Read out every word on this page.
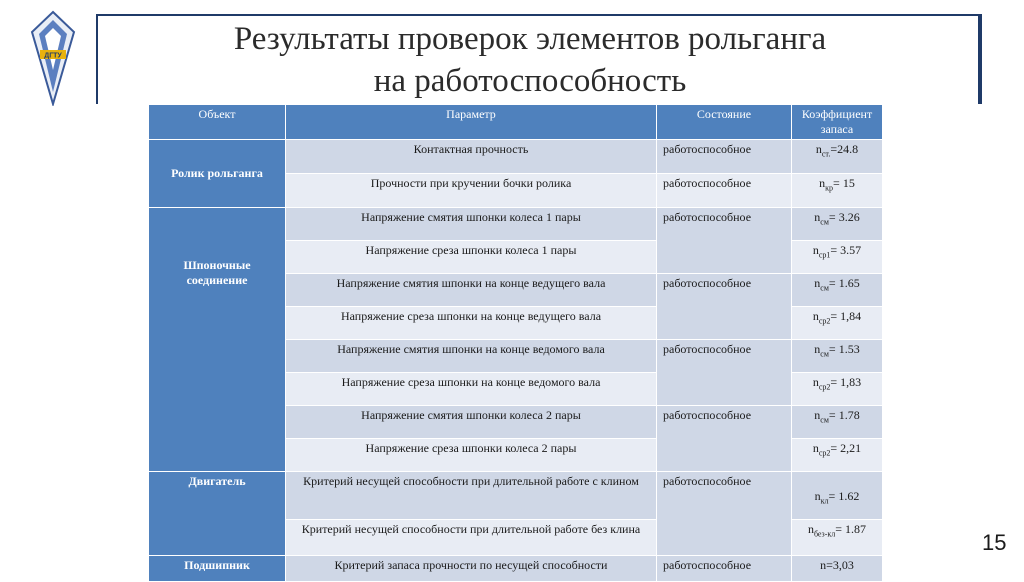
ДГТУ	Результаты проверок элементов рольганга
на работоспособность
Объект	Параметр	Состояние	Коэффициент запаса
Ролик рольганга	Контактная прочность	работоспособное	$n_{ст.}=24.8$
	Прочности при кручении бочки ролика	работоспособное	$n_{кр}= 15$
Шпоночные соединение	Напряжение смятия шпонки колеса 1 пары	работоспособное	$n_{см}= 3.26$
	Напряжение среза шпонки колеса 1 пары		$n_{ср1}= 3.57$
	Напряжение смятия шпонки на конце ведущего вала	работоспособное	$n_{см}= 1.65$
	Напряжение среза шпонки на конце ведущего вала		$n_{ср2}= 1,84$
	Напряжение смятия шпонки на конце ведомого вала	работоспособное	$n_{см}= 1.53$
	Напряжение среза шпонки на конце ведомого вала		$n_{ср2}= 1,83$
	Напряжение смятия шпонки колеса 2 пары	работоспособное	$n_{см}= 1.78$
	Напряжение среза шпонки колеса 2 пары		$n_{ср2}= 2,21$
Двигатель	Критерий несущей способности при длительной работе с клином	работоспособное	$n_{кл}= 1.62$
	Критерий несущей способности при длительной работе без клина		$n_{без-кл}= 1.87$
Подшипник	Критерий запаса прочности по несущей способности	работоспособное	n=3,03
15
